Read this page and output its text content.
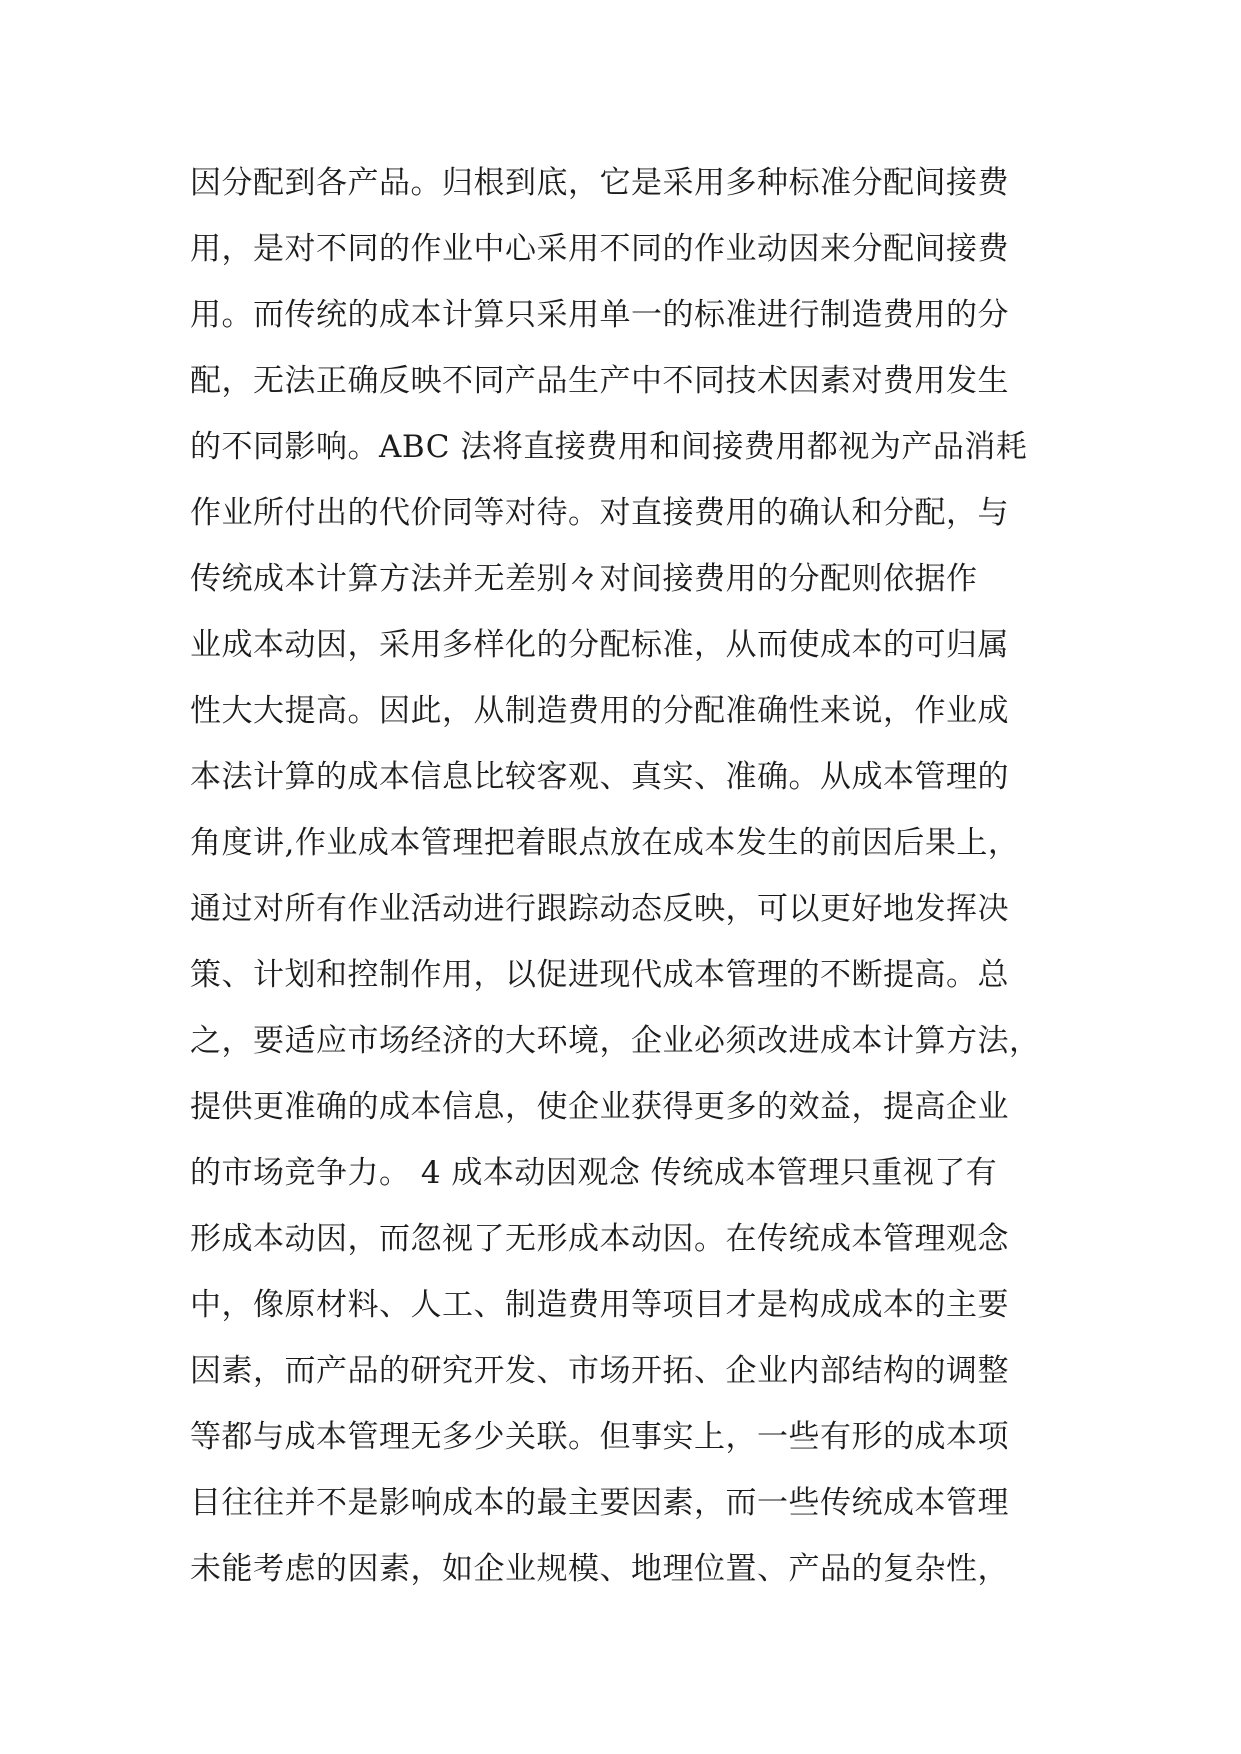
因分配到各产品。归根到底，它是采用多种标准分配间接费
用，是对不同的作业中心采用不同的作业动因来分配间接费
用。而传统的成本计算只采用单一的标准进行制造费用的分
配，无法正确反映不同产品生产中不同技术因素对费用发生
的不同影响。ABC 法将直接费用和间接费用都视为产品消耗
作业所付出的代价同等对待。对直接费用的确认和分配，与
传统成本计算方法并无差别々对间接费用的分配则依据作
业成本动因，采用多样化的分配标准，从而使成本的可归属
性大大提高。因此，从制造费用的分配准确性来说，作业成
本法计算的成本信息比较客观、真实、准确。从成本管理的
角度讲,作业成本管理把着眼点放在成本发生的前因后果上，
通过对所有作业活动进行跟踪动态反映，可以更好地发挥决
策、计划和控制作用，以促进现代成本管理的不断提高。总
之，要适应市场经济的大环境，企业必须改进成本计算方法，
提供更准确的成本信息，使企业获得更多的效益，提高企业
的市场竞争力。 4 成本动因观念 传统成本管理只重视了有
形成本动因，而忽视了无形成本动因。在传统成本管理观念
中，像原材料、人工、制造费用等项目才是构成成本的主要
因素，而产品的研究开发、市场开拓、企业内部结构的调整
等都与成本管理无多少关联。但事实上，一些有形的成本项
目往往并不是影响成本的最主要因素，而一些传统成本管理
未能考虑的因素，如企业规模、地理位置、产品的复杂性，
